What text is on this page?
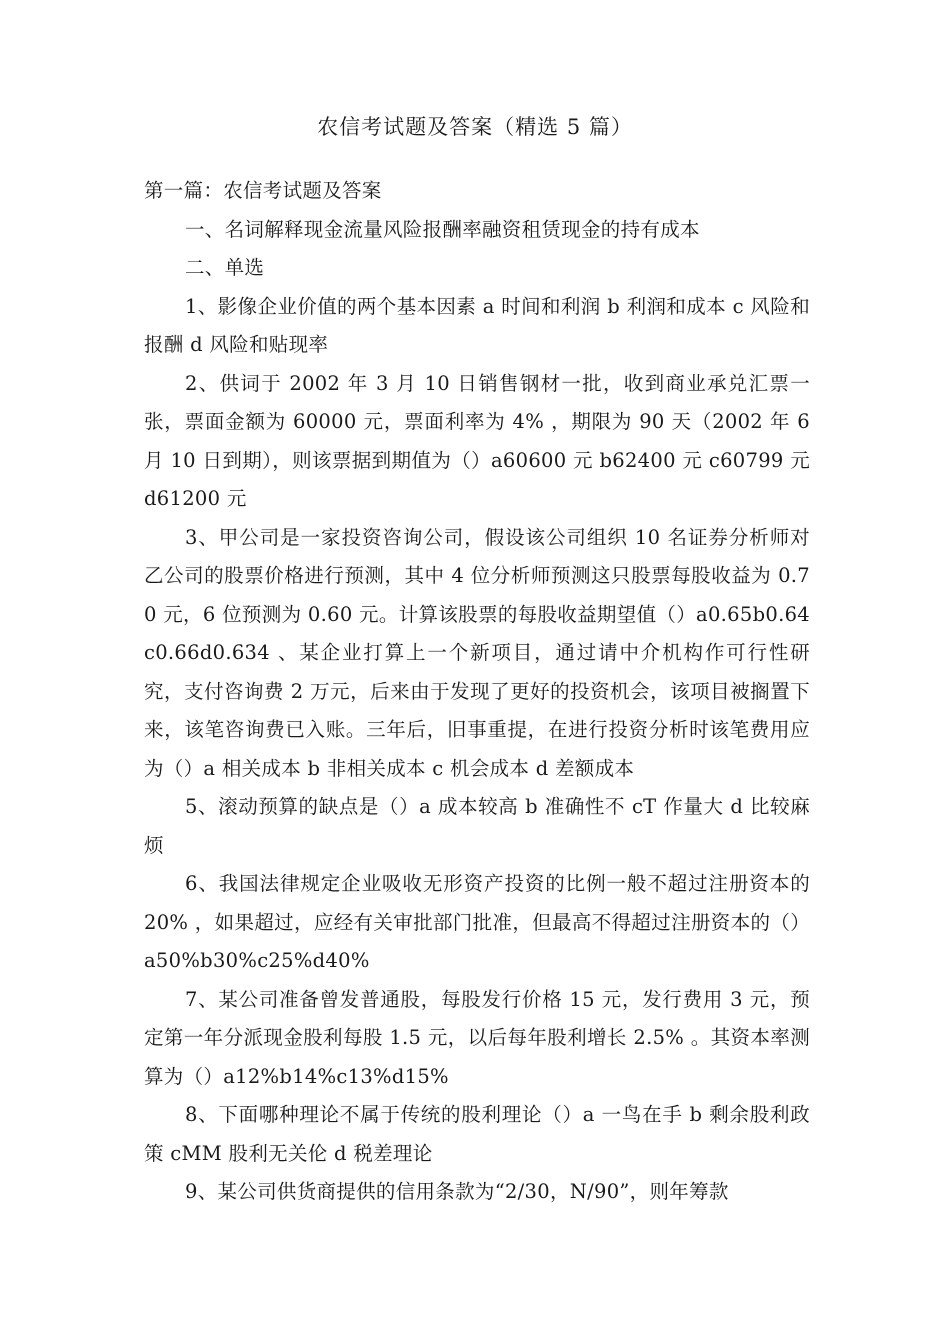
农信考试题及答案（精选 5 篇）

第一篇：农信考试题及答案

一、名词解释现金流量风险报酬率融资租赁现金的持有成本

二、单选

1、影像企业价值的两个基本因素 a 时间和利润 b 利润和成本 c 风险和报酬 d 风险和贴现率

2、供词于 2002 年 3 月 10 日销售钢材一批，收到商业承兑汇票一张，票面金额为 60000 元，票面利率为 4% ，期限为 90 天（2002 年 6 月 10 日到期），则该票据到期值为（）a60600 元 b62400 元 c60799 元 d61200 元

3、甲公司是一家投资咨询公司，假设该公司组织 10 名证券分析师对乙公司的股票价格进行预测，其中 4 位分析师预测这只股票每股收益为 0.70 元，6 位预测为 0.60 元。计算该股票的每股收益期望值（）a0.65b0.64c0.66d0.634 、某企业打算上一个新项目，通过请中介机构作可行性研究，支付咨询费 2 万元，后来由于发现了更好的投资机会，该项目被搁置下来，该笔咨询费已入账。三年后，旧事重提，在进行投资分析时该笔费用应为（）a 相关成本 b 非相关成本 c 机会成本 d 差额成本

5、滚动预算的缺点是（）a 成本较高 b 准确性不 cT 作量大 d 比较麻烦

6、我国法律规定企业吸收无形资产投资的比例一般不超过注册资本的 20% ，如果超过，应经有关审批部门批准，但最高不得超过注册资本的（）a50%b30%c25%d40%

7、某公司准备曾发普通股，每股发行价格 15 元，发行费用 3 元，预定第一年分派现金股利每股 1.5 元，以后每年股利增长 2.5% 。其资本率测算为（）a12%b14%c13%d15%

8、下面哪种理论不属于传统的股利理论（）a 一鸟在手 b 剩余股利政策 cMM 股利无关伦 d 税差理论

9、某公司供货商提供的信用条款为“2/30，N/90”，则年筹款
